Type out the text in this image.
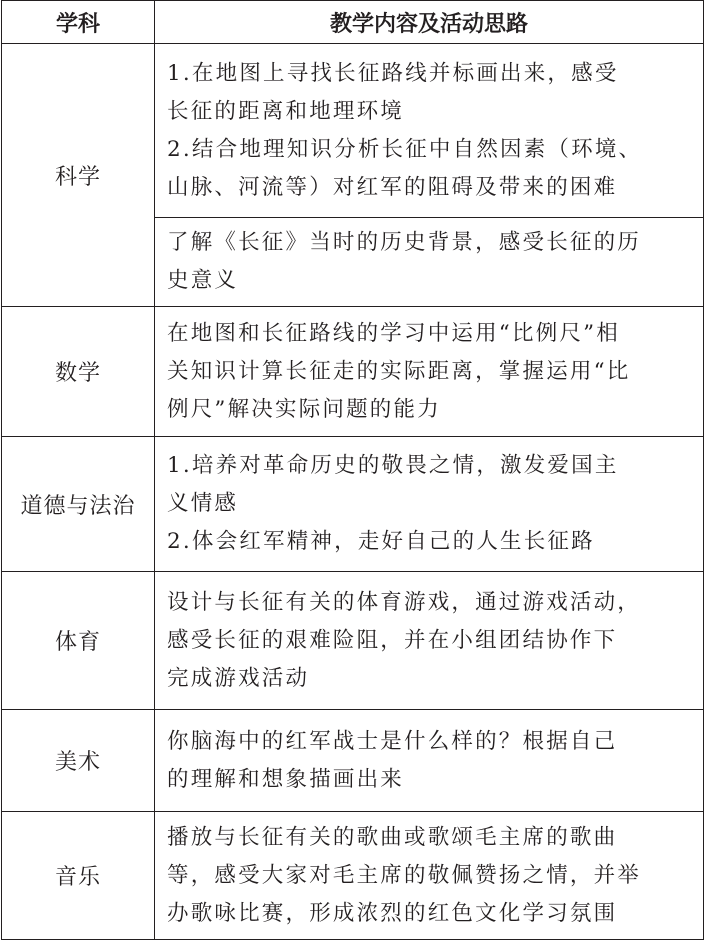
学科	教学内容及活动思路
科学	1.在地图上寻找长征路线并标画出来，感受
长征的距离和地理环境
2.结合地理知识分析长征中自然因素（环境、
山脉、河流等）对红军的阻碍及带来的困难

	了解《长征》当时的历史背景，感受长征的历
史意义

数学	在地图和长征路线的学习中运用“比例尺”相
关知识计算长征走的实际距离，掌握运用“比
例尺”解决实际问题的能力

道德与法治	1.培养对革命历史的敬畏之情，激发爱国主
义情感
2.体会红军精神，走好自己的人生长征路

体育	设计与长征有关的体育游戏，通过游戏活动，
感受长征的艰难险阻，并在小组团结协作下
完成游戏活动

美术	你脑海中的红军战士是什么样的？根据自己
的理解和想象描画出来

音乐	播放与长征有关的歌曲或歌颂毛主席的歌曲
等，感受大家对毛主席的敬佩赞扬之情，并举
办歌咏比赛，形成浓烈的红色文化学习氛围
